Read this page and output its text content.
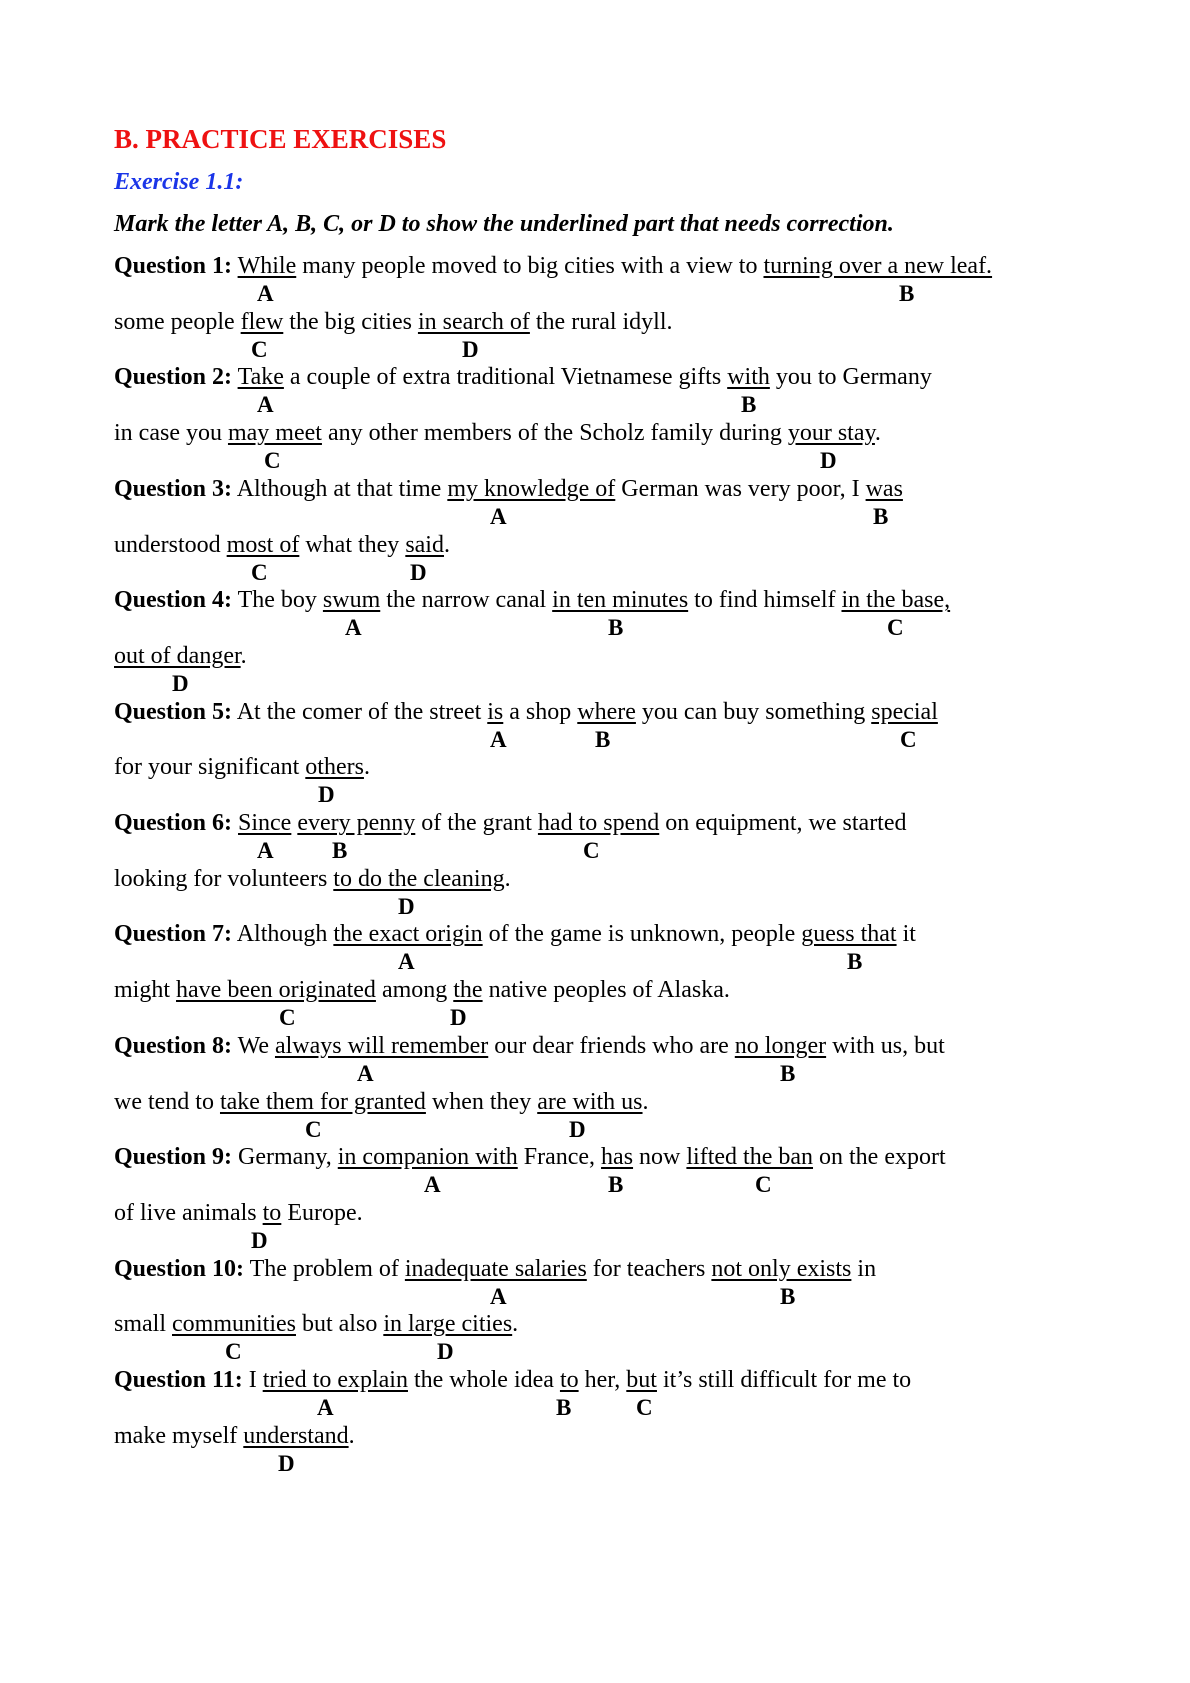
B. PRACTICE EXERCISES
Exercise 1.1:
Mark the letter A, B, C, or D to show the underlined part that needs correction.
Question 1: While many people moved to big cities with a view to turning over a new leaf.
A	B
some people flew the big cities in search of the rural idyll.
C	D
Question 2: Take a couple of extra traditional Vietnamese gifts with you to Germany
A	B
in case you may meet any other members of the Scholz family during your stay.
C	D
Question 3: Although at that time my knowledge of German was very poor, I was
A	B
understood most of what they said.
C	D
Question 4: The boy swum the narrow canal in ten minutes to find himself in the base,
A	B	C
out of danger.
D
Question 5: At the comer of the street is a shop where you can buy something special
A	B	C
for your significant others.
D
Question 6: Since every penny of the grant had to spend on equipment, we started
A	B	C
looking for volunteers to do the cleaning.
D
Question 7: Although the exact origin of the game is unknown, people guess that it
A	B
might have been originated among the native peoples of Alaska.
C	D
Question 8: We always will remember our dear friends who are no longer with us, but
A	B
we tend to take them for granted when they are with us.
C	D
Question 9: Germany, in companion with France, has now lifted the ban on the export
A	B	C
of live animals to Europe.
D
Question 10: The problem of inadequate salaries for teachers not only exists in
A	B
small communities but also in large cities.
C	D
Question 11: I tried to explain the whole idea to her, but it’s still difficult for me to
A	B	C
make myself understand.
D
